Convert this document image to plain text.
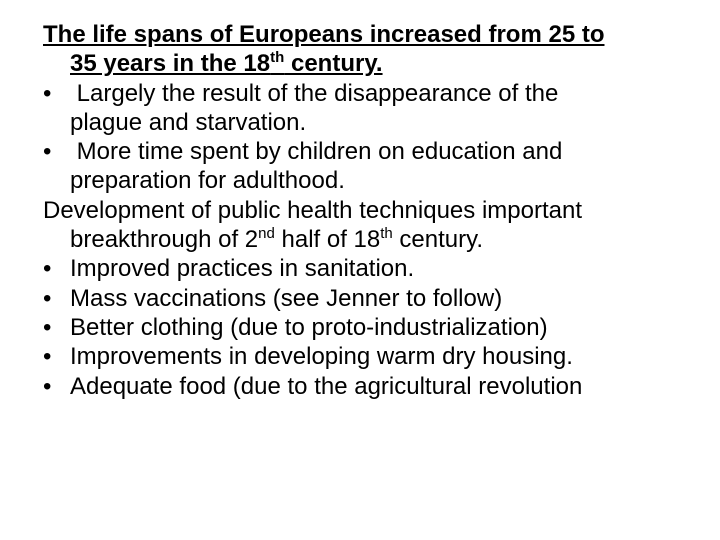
The life spans of Europeans increased from 25 to
35 years in the 18th century.
• Largely the result of the disappearance of the
plague and starvation.
• More time spent by children on education and
preparation for adulthood.
Development of public health techniques important
breakthrough of 2nd half of 18th century.
• Improved practices in sanitation.
• Mass vaccinations (see Jenner to follow)
• Better clothing (due to proto-industrialization)
• Improvements in developing warm dry housing.
• Adequate food (due to the agricultural revolution
